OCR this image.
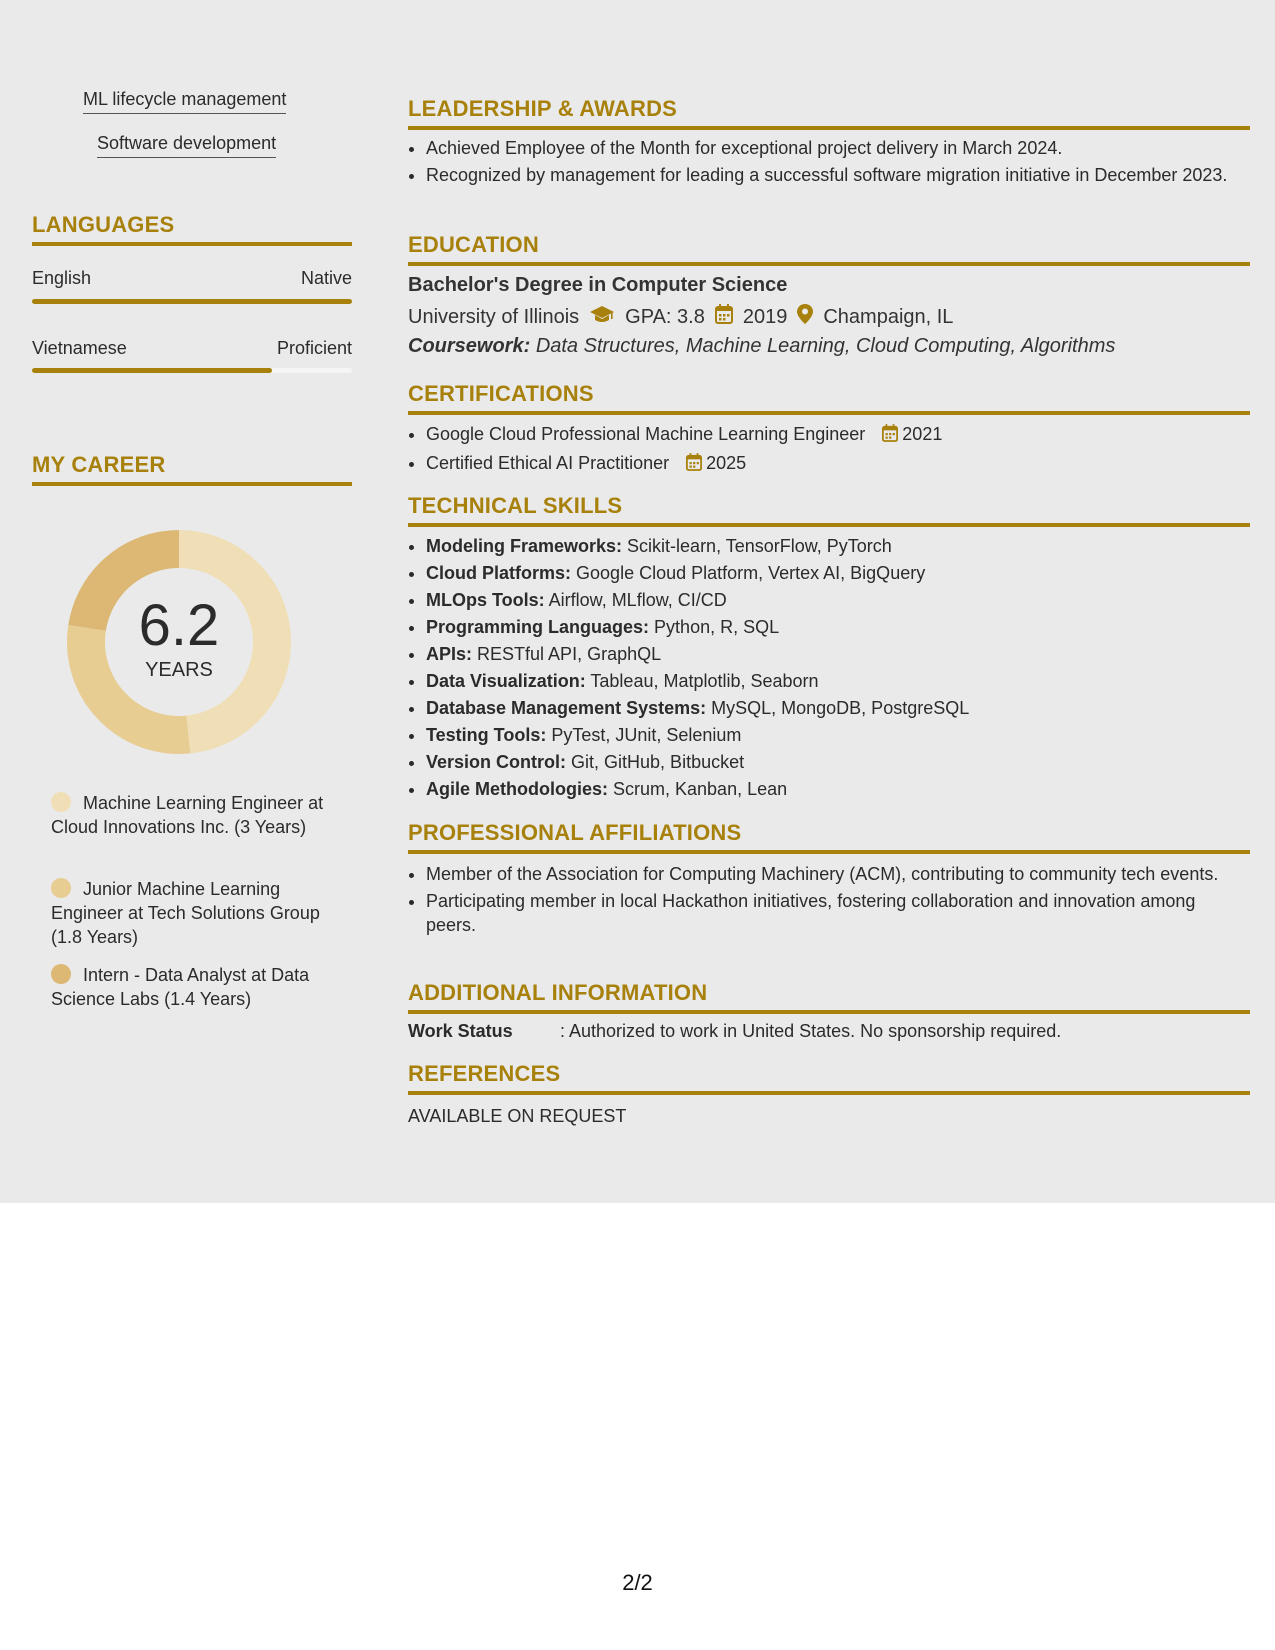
ML lifecycle management
Software development
LANGUAGES
English	Native
Vietnamese	Proficient
MY CAREER
6.2
YEARS
Machine Learning Engineer at Cloud Innovations Inc. (3 Years)
Junior Machine Learning Engineer at Tech Solutions Group (1.8 Years)
Intern - Data Analyst at Data Science Labs (1.4 Years)
LEADERSHIP & AWARDS
• Achieved Employee of the Month for exceptional project delivery in March 2024.
• Recognized by management for leading a successful software migration initiative in December 2023.
EDUCATION
Bachelor's Degree in Computer Science
University of Illinois GPA: 3.8 2019 Champaign, IL
Coursework: Data Structures, Machine Learning, Cloud Computing, Algorithms
CERTIFICATIONS
• Google Cloud Professional Machine Learning Engineer 2021
• Certified Ethical AI Practitioner 2025
TECHNICAL SKILLS
• Modeling Frameworks: Scikit-learn, TensorFlow, PyTorch
• Cloud Platforms: Google Cloud Platform, Vertex AI, BigQuery
• MLOps Tools: Airflow, MLflow, CI/CD
• Programming Languages: Python, R, SQL
• APIs: RESTful API, GraphQL
• Data Visualization: Tableau, Matplotlib, Seaborn
• Database Management Systems: MySQL, MongoDB, PostgreSQL
• Testing Tools: PyTest, JUnit, Selenium
• Version Control: Git, GitHub, Bitbucket
• Agile Methodologies: Scrum, Kanban, Lean
PROFESSIONAL AFFILIATIONS
• Member of the Association for Computing Machinery (ACM), contributing to community tech events.
• Participating member in local Hackathon initiatives, fostering collaboration and innovation among peers.
ADDITIONAL INFORMATION
Work Status	: Authorized to work in United States. No sponsorship required.
REFERENCES
AVAILABLE ON REQUEST
2/2
